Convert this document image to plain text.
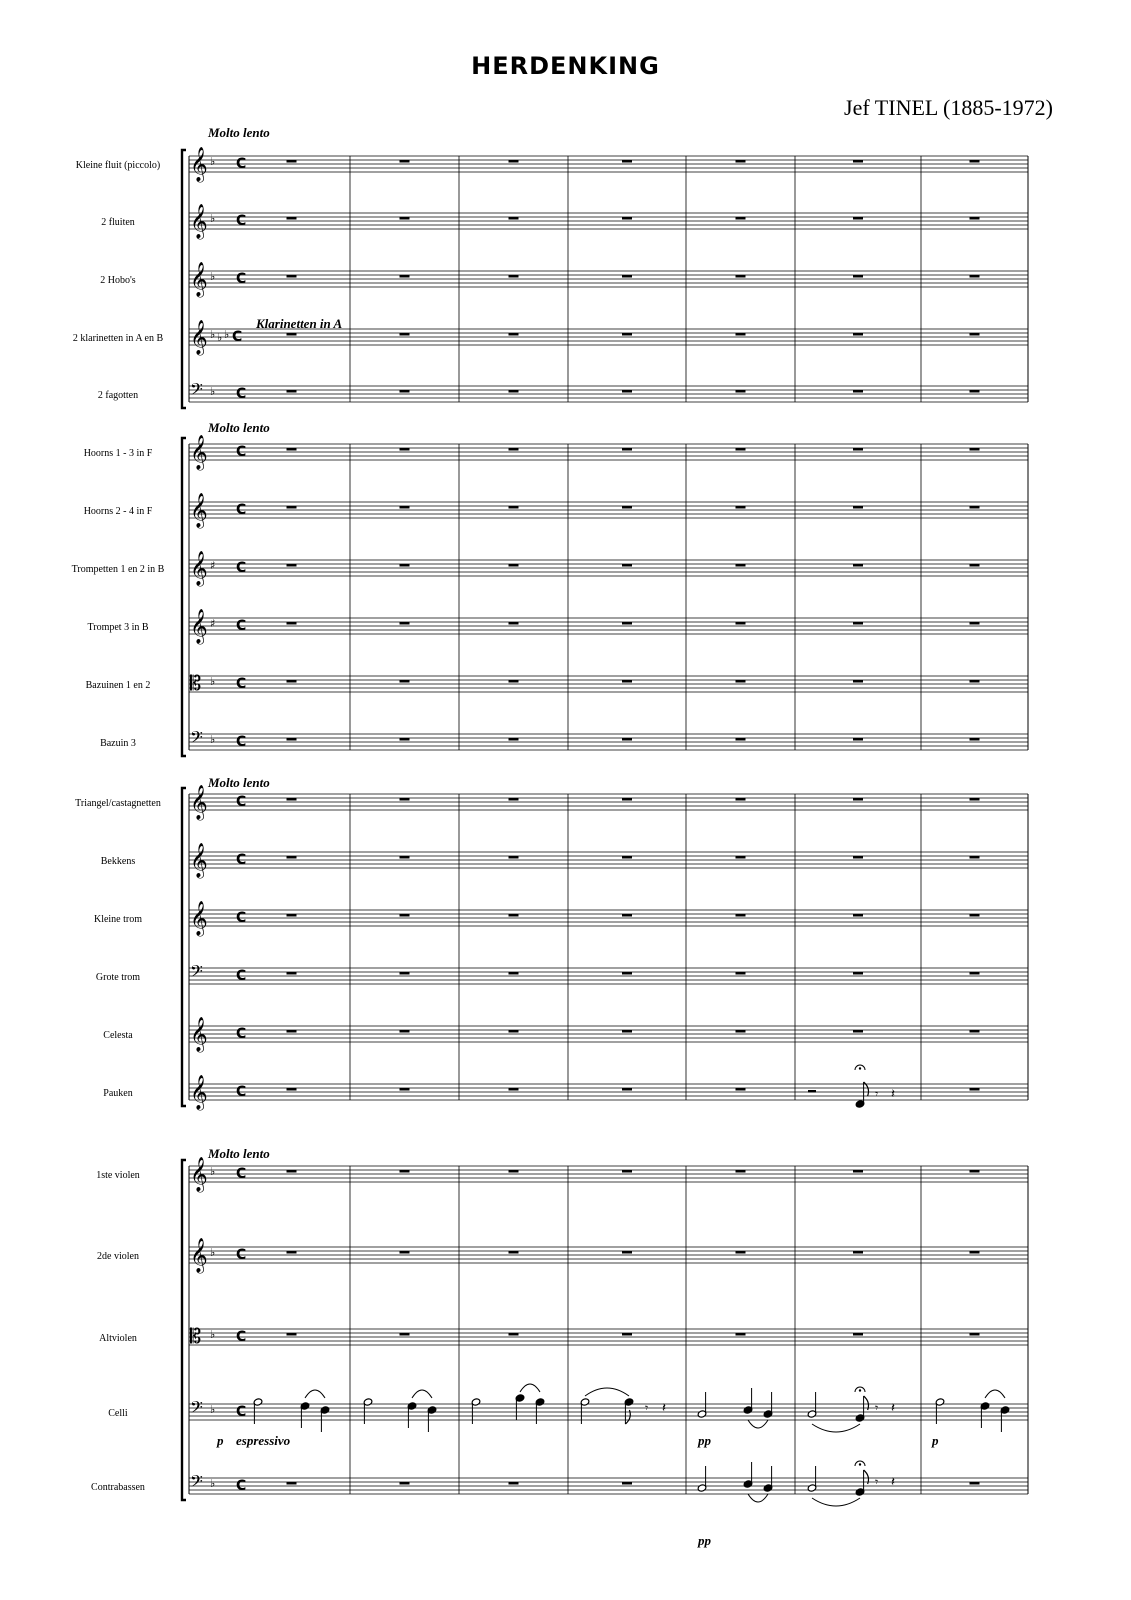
HERDENKING
Jef TINEL (1885-1972)
Kleine fluit (piccolo) 𝄞 ♭ C
2 fluiten 𝄞 ♭ C
2 Hobo's 𝄞 ♭ C
2 klarinetten in A en B 𝄞 ♭ ♭ ♭ C
2 fagotten	𝄢 ♭ C
Hoorns 1 - 3 in F 𝄞 C
Hoorns 2 - 4 in F 𝄞 C
Trompetten 1 en 2 in B 𝄞 ♯ C
Trompet 3 in B 𝄞 ♯ C
Bazuinen 1 en 2 𝄡 ♭ C
Bazuin 3	𝄢 ♭ C
Triangel/castagnetten 𝄞 C
Bekkens 𝄞 C
Kleine trom 𝄞 C
Grote trom 𝄢 C
Celesta 𝄞 C
Pauken 𝄞 C
1ste violen 𝄞 ♭ C
2de violen 𝄞 ♭ C
Altviolen	𝄡 ♭ C
Celli	𝄢 ♭ C
Contrabassen 𝄢 ♭ C
Molto lento
Molto lento
Molto lento
Molto lento
Klarinetten in A
𝄾 𝄽
𝄾 𝄽	𝄾 𝄽
𝄾 𝄽
p espressivo	pp	p
pp
